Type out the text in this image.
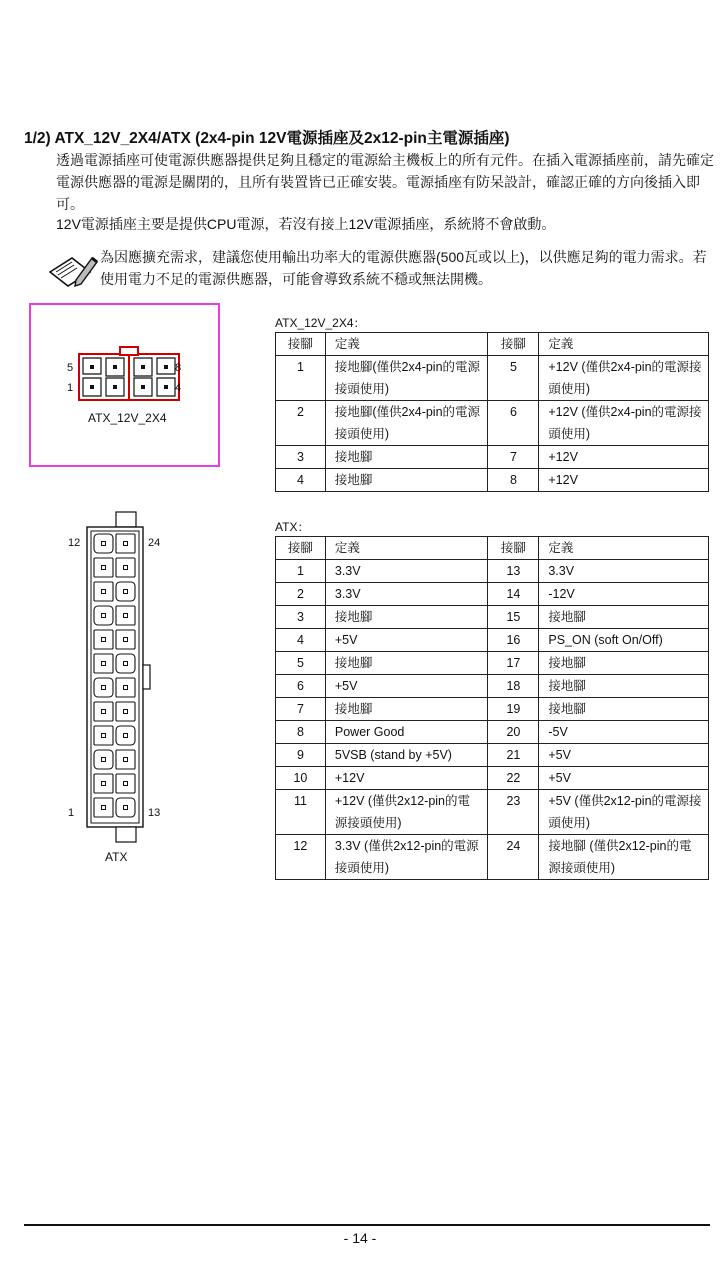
1/2) ATX_12V_2X4/ATX (2x4-pin 12V電源插座及2x12-pin主電源插座)
透過電源插座可使電源供應器提供足夠且穩定的電源給主機板上的所有元件。在插入電源插座前，請先確定電源供應器的電源是關閉的，且所有裝置皆已正確安裝。電源插座有防呆設計，確認正確的方向後插入即可。
12V電源插座主要是提供CPU電源，若沒有接上12V電源插座，系統將不會啟動。
為因應擴充需求，建議您使用輸出功率大的電源供應器(500瓦或以上)，以供應足夠的電力需求。若使用電力不足的電源供應器，可能會導致系統不穩或無法開機。
5	8
1	4
ATX_12V_2X4
12	24
1	13
ATX
ATX_12V_2X4：
接腳	定義	接腳	定義
1	接地腳(僅供2x4-pin的電源接頭使用)	5	+12V (僅供2x4-pin的電源接頭使用)
2	接地腳(僅供2x4-pin的電源接頭使用)	6	+12V (僅供2x4-pin的電源接頭使用)
3	接地腳	7	+12V
4	接地腳	8	+12V
ATX：
接腳	定義	接腳	定義
1	3.3V	13	3.3V
2	3.3V	14	-12V
3	接地腳	15	接地腳
4	+5V	16	PS_ON (soft On/Off)
5	接地腳	17	接地腳
6	+5V	18	接地腳
7	接地腳	19	接地腳
8	Power Good	20	-5V
9	5VSB (stand by +5V)	21	+5V
10	+12V	22	+5V
11	+12V (僅供2x12-pin的電源接頭使用)	23	+5V (僅供2x12-pin的電源接頭使用)
12	3.3V (僅供2x12-pin的電源接頭使用)	24	接地腳 (僅供2x12-pin的電源接頭使用)
- 14 -
